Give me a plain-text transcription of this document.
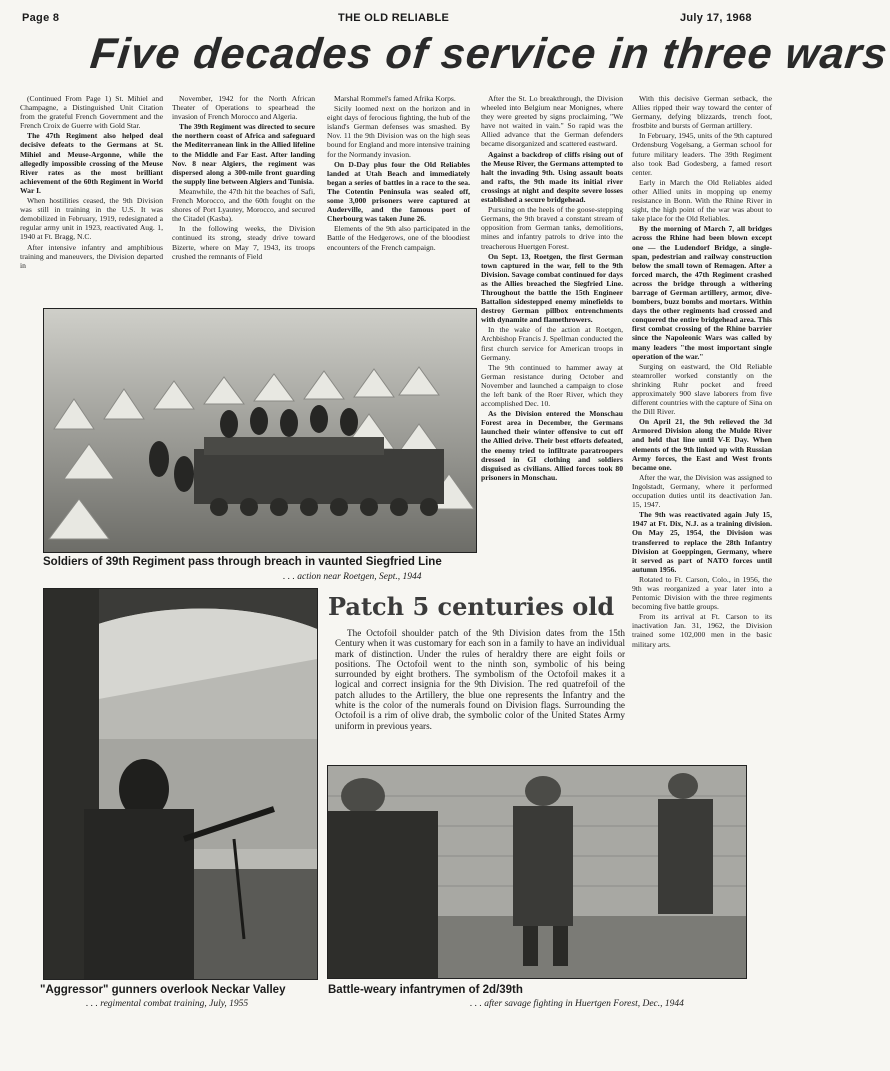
Page 8	THE OLD RELIABLE	July 17, 1968
Five decades of service in three wars

(Continued From Page 1) St. Mihiel and Champagne, a Distinguished Unit Citation from the grateful French Government and the French Croix de Guerre with Gold Star.

The 47th Regiment also helped deal decisive defeats to the Germans at St. Mihiel and Meuse-Argonne, while the allegedly impossible crossing of the Meuse River rates as the most brilliant achievement of the 60th Regiment in World War I.

When hostilities ceased, the 9th Division was still in training in the U.S. It was demobilized in February, 1919, redesignated a regular army unit in 1923, reactivated Aug. 1, 1940 at Ft. Bragg, N.C.

After intensive infantry and amphibious training and maneuvers, the Division departed in

November, 1942 for the North African Theater of Operations to spearhead the invasion of French Morocco and Algeria.

The 39th Regiment was directed to secure the northern coast of Africa and safeguard the Mediterranean link in the Allied lifeline to the Middle and Far East. After landing Nov. 8 near Algiers, the regiment was dispersed along a 300-mile front guarding the supply line between Algiers and Tunisia.

Meanwhile, the 47th hit the beaches of Safi, French Morocco, and the 60th fought on the shores of Port Lyautey, Morocco, and secured the Citadel (Kasba).

In the following weeks, the Division continued its strong, steady drive toward Bizerte, where on May 7, 1943, its troops crushed the remnants of Field

Marshal Rommel's famed Afrika Korps.

Sicily loomed next on the horizon and in eight days of ferocious fighting, the hub of the island's German defenses was smashed. By Nov. 11 the 9th Division was on the high seas bound for England and more intensive training for the Normandy invasion.

On D-Day plus four the Old Reliables landed at Utah Beach and immediately began a series of battles in a race to the sea. The Cotentin Peninsula was sealed off, some 3,000 prisoners were captured at Auderville, and the famous port of Cherbourg was taken June 26.

Elements of the 9th also participated in the Battle of the Hedgerows, one of the bloodiest encounters of the French campaign.

After the St. Lo breakthrough, the Division wheeled into Belgium near Monignes, where they were greeted by signs proclaiming, "We have not waited in vain." So rapid was the Allied advance that the German defenders became disorganized and scattered eastward.

Against a backdrop of cliffs rising out of the Meuse River, the Germans attempted to halt the invading 9th. Using assault boats and rafts, the 9th made its initial river crossings at night and despite severe losses established a secure bridgehead.

Pursuing on the heels of the goose-stepping Germans, the 9th braved a constant stream of opposition from German tanks, demolitions, mines and infantry patrols to drive into the treacherous Huertgen Forest.

On Sept. 13, Roetgen, the first German town captured in the war, fell to the 9th Division. Savage combat continued for days as the Allies breached the Siegfried Line. Throughout the battle the 15th Engineer Battalion sidestepped enemy minefields to destroy German pillbox entrenchments with dynamite and flamethrowers.

In the wake of the action at Roetgen, Archbishop Francis J. Spellman conducted the first church service for American troops in Germany.

The 9th continued to hammer away at German resistance during October and November and launched a campaign to close the left bank of the Roer River, which they accomplished Dec. 10.

As the Division entered the Monschau Forest area in December, the Germans launched their winter offensive to cut off the Allied drive. Their best efforts defeated, the enemy tried to infiltrate paratroopers dressed in GI clothing and soldiers disguised as civilians. Allied forces took 80 prisoners in Monschau.

With this decisive German setback, the Allies ripped their way toward the center of Germany, defying blizzards, trench foot, frostbite and bursts of German artillery.

In February, 1945, units of the 9th captured Ordensburg Vogelsang, a German school for future military leaders. The 39th Regiment also took Bad Godesberg, a famed resort center.

Early in March the Old Reliables aided other Allied units in mopping up enemy resistance in Bonn. With the Rhine River in sight, the high point of the war was about to take place for the Old Reliables.

By the morning of March 7, all bridges across the Rhine had been blown except one — the Ludendorf Bridge, a single-span, pedestrian and railway construction below the small town of Remagen. After a forced march, the 47th Regiment crashed across the bridge through a withering barrage of German artillery, armor, dive-bombers, buzz bombs and mortars. Within days the other regiments had crossed and conquered the entire bridgehead area. This first combat crossing of the Rhine barrier since the Napoleonic Wars was called by many leaders "the most important single operation of the war."

Surging on eastward, the Old Reliable steamroller worked constantly on the shrinking Ruhr pocket and freed approximately 900 slave laborers from five different countries with the capture of Sina on the Dill River.

On April 21, the 9th relieved the 3d Armored Division along the Mulde River and held that line until V-E Day. When elements of the 9th linked up with Russian Army forces, the East and West fronts became one.

After the war, the Division was assigned to Ingolstadt, Germany, where it performed occupation duties until its deactivation Jan. 15, 1947.

The 9th was reactivated again July 15, 1947 at Ft. Dix, N.J. as a training division. On May 25, 1954, the Division was transferred to replace the 28th Infantry Division at Goeppingen, Germany, where it served as part of NATO forces until autumn 1956.

Rotated to Ft. Carson, Colo., in 1956, the 9th was reorganized a year later into a Pentomic Division with the three regiments becoming five battle groups.

From its arrival at Ft. Carson to its inactivation Jan. 31, 1962, the Division trained some 102,000 men in the basic military arts.

Soldiers of 39th Regiment pass through breach in vaunted Siegfried Line
. . . action near Roetgen, Sept., 1944
Patch 5 centuries old

The Octofoil shoulder patch of the 9th Division dates from the 15th Century when it was customary for each son in a family to have an individual mark of distinction. Under the rules of heraldry there are eight foils or positions. The Octofoil went to the ninth son, symbolic of his being surrounded by eight brothers. The symbolism of the Octofoil makes it a logical and correct insignia for the 9th Division. The red quatrefoil of the patch alludes to the Artillery, the blue one represents the Infantry and the white is the color of the numerals found on Division flags. Surrounding the Octofoil is a rim of olive drab, the symbolic color of the United States Army uniform in previous years.

"Aggressor" gunners overlook Neckar Valley
. . . regimental combat training, July, 1955
Battle-weary infantrymen of 2d/39th
. . . after savage fighting in Huertgen Forest, Dec., 1944
